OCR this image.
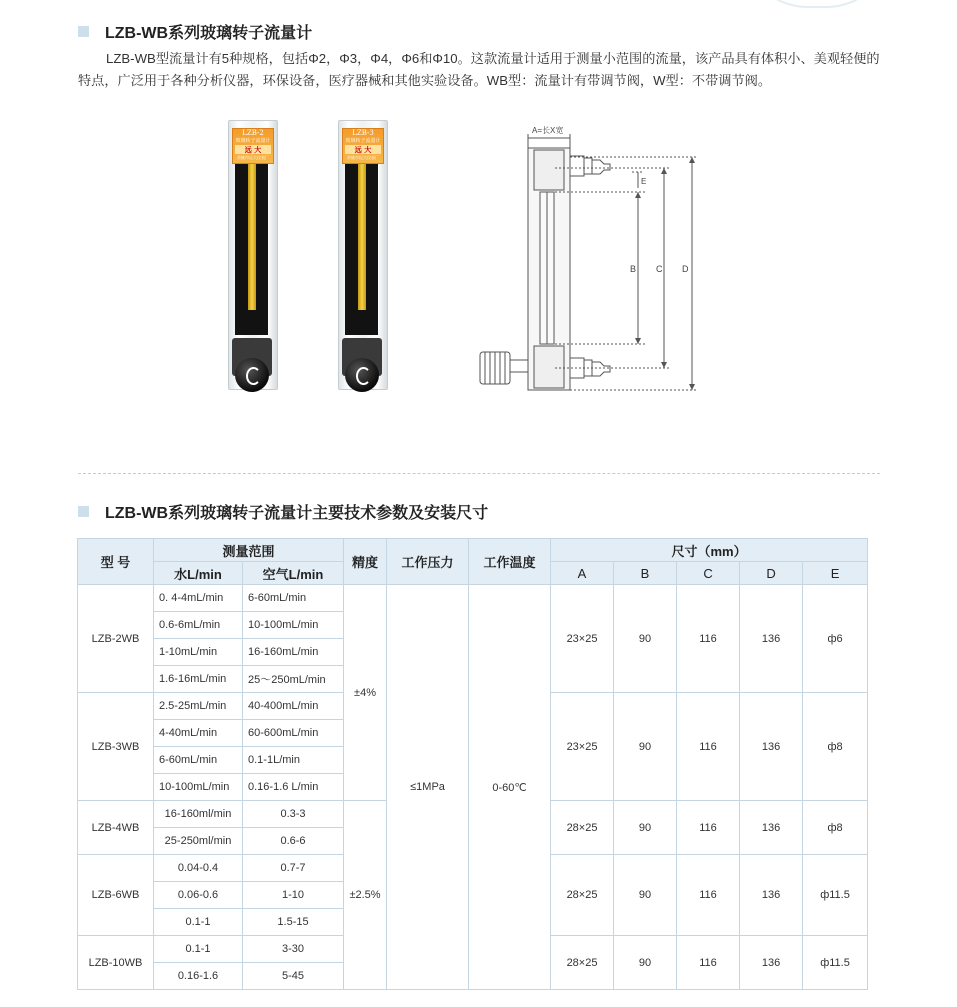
LZB-WB系列玻璃转子流量计

LZB-WB型流量计有5种规格，包括Φ2，Φ3，Φ4，Φ6和Φ10。这款流量计适用于测量小范围的流量，该产品具有体积小、美观轻便的特点，广泛用于各种分析仪器，环保设备，医疗器械和其他实验设备。WB型：流量计有带调节阀，W型：不带调节阀。

LZB-2
玻璃转子流量计
远 大
余姚市远大仪表厂
LZB-3
玻璃转子流量计
远 大
余姚市远大仪表厂
A=长X宽
E
B C D
LZB-WB系列玻璃转子流量计主要技术参数及安装尺寸
型 号	测量范围		精度	工作压力	工作温度	尺寸（mm）				
	水L/min	空气L/min				A	B	C	D	E
LZB-2WB	0. 4-4mL/min	6-60mL/min	±4%	≤1MPa	0-60℃	23×25	90	116	136	ф6
	0.6-6mL/min	10-100mL/min								
	1-10mL/min	16-160mL/min								
	1.6-16mL/min	25～250mL/min								
LZB-3WB	2.5-25mL/min	40-400mL/min				23×25	90	116	136	ф8
	4-40mL/min	60-600mL/min								
	6-60mL/min	0.1-1L/min								
	10-100mL/min	0.16-1.6 L/min								
LZB-4WB	16-160ml/min	0.3-3	±2.5%			28×25	90	116	136	ф8
	25-250ml/min	0.6-6								
LZB-6WB	0.04-0.4	0.7-7				28×25	90	116	136	ф11.5
	0.06-0.6	1-10								
	0.1-1	1.5-15								
LZB-10WB	0.1-1	3-30				28×25	90	116	136	ф11.5
	0.16-1.6	5-45								
